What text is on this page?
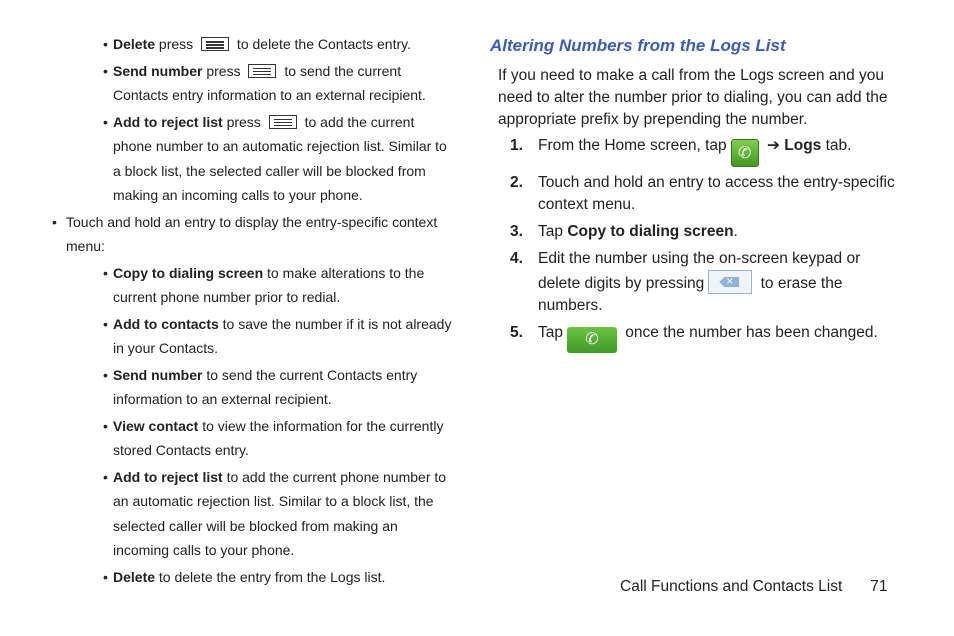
• Delete press	to delete the Contacts entry.
• Send number press	to send the current Contacts entry information to an external recipient.
• Add to reject list press	to add the current phone number to an automatic rejection list. Similar to a block list, the selected caller will be blocked from making an incoming calls to your phone.
• Touch and hold an entry to display the entry-specific context menu:
• Copy to dialing screen to make alterations to the current phone number prior to redial.
• Add to contacts to save the number if it is not already in your Contacts.
• Send number to send the current Contacts entry information to an external recipient.
• View contact to view the information for the currently stored Contacts entry.
• Add to reject list to add the current phone number to an automatic rejection list. Similar to a block list, the selected caller will be blocked from making an incoming calls to your phone.
• Delete to delete the entry from the Logs list.
Altering Numbers from the Logs List
If you need to make a call from the Logs screen and you need to alter the number prior to dialing, you can add the appropriate prefix by prepending the number.
1. From the Home screen, tap ✆ ➔ Logs tab.
2. Touch and hold an entry to access the entry-specific context menu.
3. Tap Copy to dialing screen.
4. Edit the number using the on-screen keypad or delete digits by pressing×	to erase the numbers.
5. Tap ✆ once the number has been changed.
Call Functions and Contacts List 71
